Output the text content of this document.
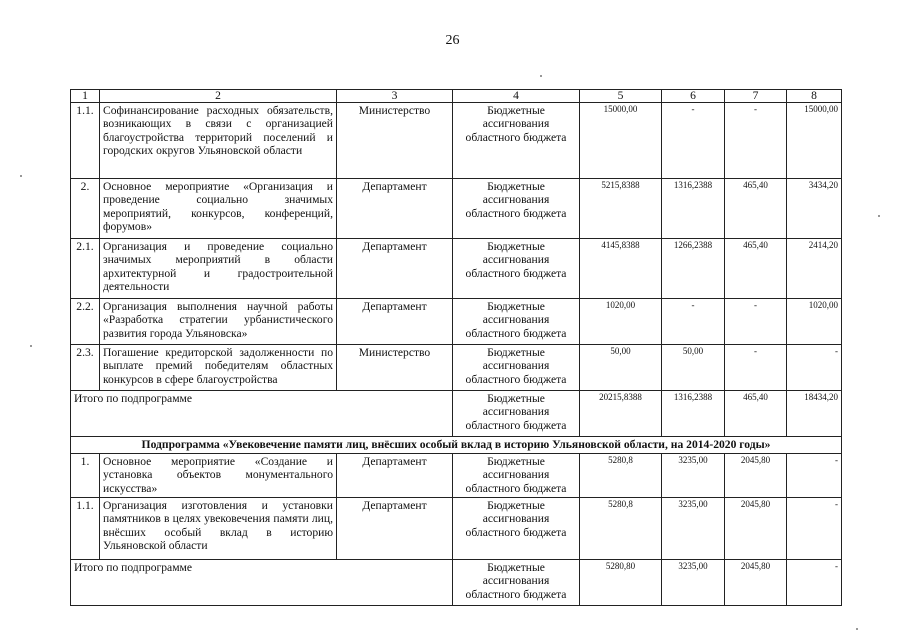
26
1	2	3	4	5	6	7	8
1.1.	Софинансирование расходных обязательств, возникающих в связи с организацией благоустройства территорий поселений и городских округов Ульяновской области	Министерство	Бюджетные ассигнования областного бюджета	15000,00	-	-	15000,00
2.	Основное мероприятие «Организация и проведение социально значимых мероприятий, конкурсов, конференций, форумов»	Департамент	Бюджетные ассигнования областного бюджета	5215,8388	1316,2388	465,40	3434,20
2.1.	Организация и проведение социально значимых мероприятий в области архитектурной и градостроительной деятельности	Департамент	Бюджетные ассигнования областного бюджета	4145,8388	1266,2388	465,40	2414,20
2.2.	Организация выполнения научной работы «Разработка стратегии урбанистического развития города Ульяновска»	Департамент	Бюджетные ассигнования областного бюджета	1020,00	-	-	1020,00
2.3.	Погашение кредиторской задолженности по выплате премий победителям областных конкурсов в сфере благоустройства	Министерство	Бюджетные ассигнования областного бюджета	50,00	50,00	-	-
Итого по подпрограмме			Бюджетные ассигнования областного бюджета	20215,8388	1316,2388	465,40	18434,20
Подпрограмма «Увековечение памяти лиц, внёсших особый вклад в историю Ульяновской области, на 2014-2020 годы»							
1.	Основное мероприятие «Создание и установка объектов монументального искусства»	Департамент	Бюджетные ассигнования областного бюджета	5280,8	3235,00	2045,80	-
1.1.	Организация изготовления и установки памятников в целях увековечения памяти лиц, внёсших особый вклад в историю Ульяновской области	Департамент	Бюджетные ассигнования областного бюджета	5280,8	3235,00	2045,80	-
Итого по подпрограмме			Бюджетные ассигнования областного бюджета	5280,80	3235,00	2045,80	-
